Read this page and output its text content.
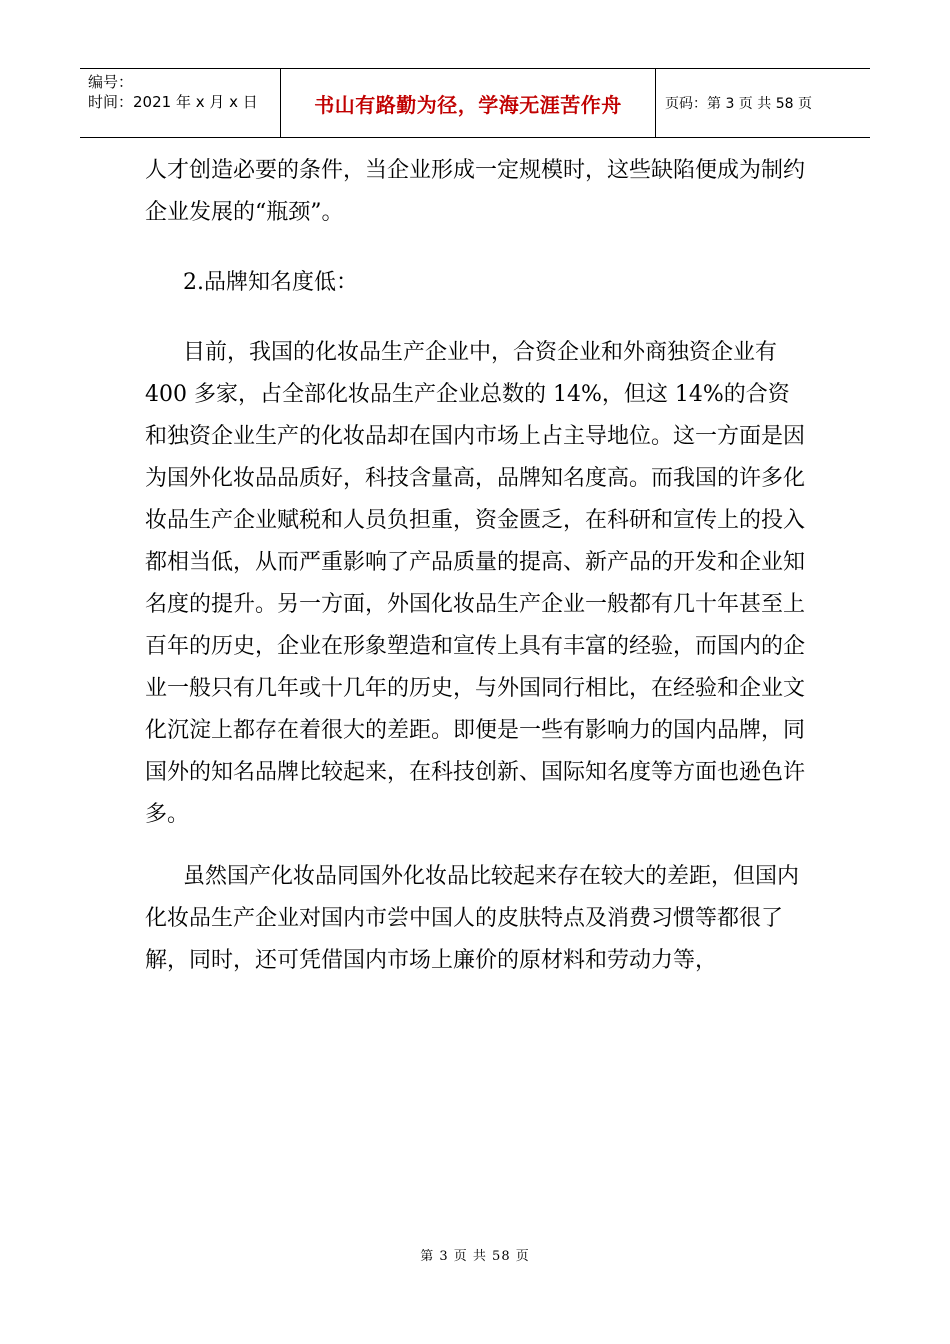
编号：
时间：2021 年 x 月 x 日	书山有路勤为径，学海无涯苦作舟	页码：第 3 页 共 58 页

人才创造必要的条件，当企业形成一定规模时，这些缺陷便成为制约企业发展的“瓶颈”。

2.品牌知名度低：

目前，我国的化妆品生产企业中，合资企业和外商独资企业有 400 多家，占全部化妆品生产企业总数的 14%，但这 14%的合资和独资企业生产的化妆品却在国内市场上占主导地位。这一方面是因为国外化妆品品质好，科技含量高，品牌知名度高。而我国的许多化妆品生产企业赋税和人员负担重，资金匮乏，在科研和宣传上的投入都相当低，从而严重影响了产品质量的提高、新产品的开发和企业知名度的提升。另一方面，外国化妆品生产企业一般都有几十年甚至上百年的历史，企业在形象塑造和宣传上具有丰富的经验，而国内的企业一般只有几年或十几年的历史，与外国同行相比，在经验和企业文化沉淀上都存在着很大的差距。即便是一些有影响力的国内品牌，同国外的知名品牌比较起来，在科技创新、国际知名度等方面也逊色许多。

虽然国产化妆品同国外化妆品比较起来存在较大的差距，但国内化妆品生产企业对国内市尝中国人的皮肤特点及消费习惯等都很了解，同时，还可凭借国内市场上廉价的原材料和劳动力等，

第 3 页 共 58 页
